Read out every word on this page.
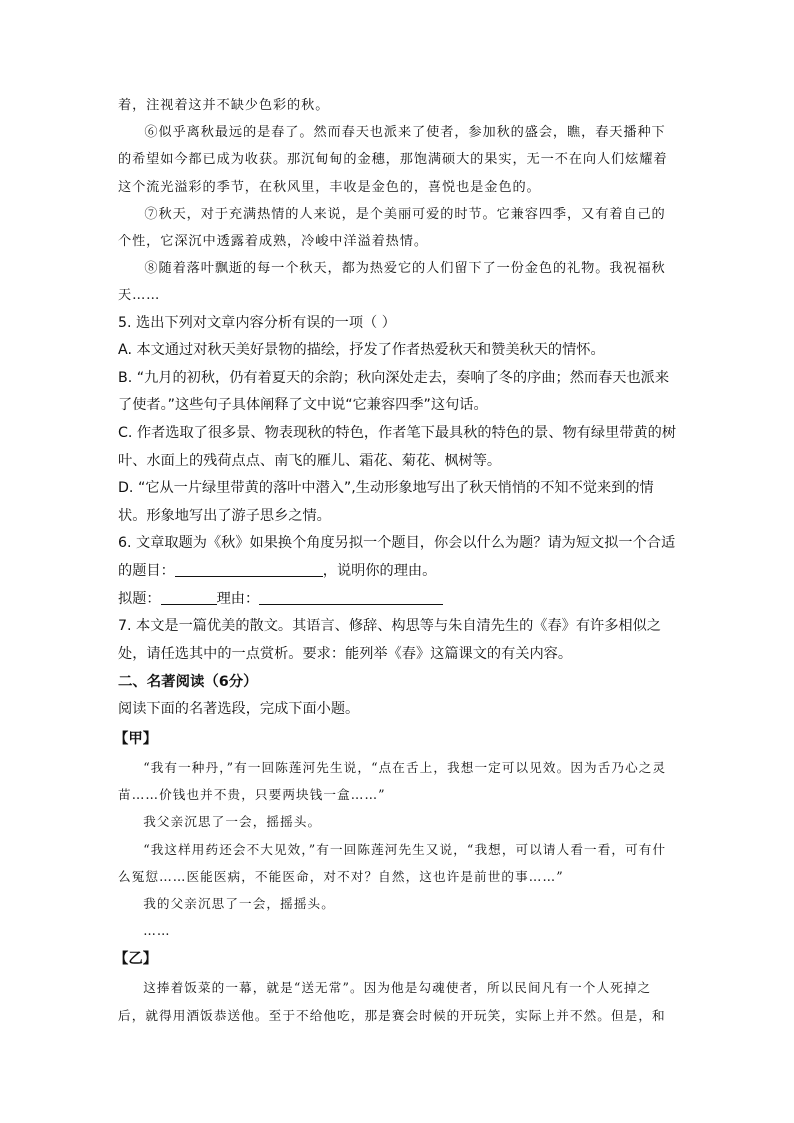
着，注视着这并不缺少色彩的秋。

⑥似乎离秋最远的是春了。然而春天也派来了使者，参加秋的盛会，瞧，春天播种下的希望如今都已成为收获。那沉甸甸的金穗，那饱满硕大的果实，无一不在向人们炫耀着这个流光溢彩的季节，在秋风里，丰收是金色的，喜悦也是金色的。

⑦秋天，对于充满热情的人来说，是个美丽可爱的时节。它兼容四季，又有着自己的个性，它深沉中透露着成熟，冷峻中洋溢着热情。

⑧随着落叶飘逝的每一个秋天，都为热爱它的人们留下了一份金色的礼物。我祝福秋天……

5. 选出下列对文章内容分析有误的一项（ ）

A. 本文通过对秋天美好景物的描绘，抒发了作者热爱秋天和赞美秋天的情怀。

B. “九月的初秋，仍有着夏天的余韵；秋向深处走去，奏响了冬的序曲；然而春天也派来了使者。”这些句子具体阐释了文中说“它兼容四季”这句话。

C. 作者选取了很多景、物表现秋的特色，作者笔下最具秋的特色的景、物有绿里带黄的树叶、水面上的残荷点点、南飞的雁儿、霜花、菊花、枫树等。

D. “它从一片绿里带黄的落叶中潜入”,生动形象地写出了秋天悄悄的不知不觉来到的情状。形象地写出了游子思乡之情。

6. 文章取题为《秋》如果换个角度另拟一个题目，你会以什么为题？请为短文拟一个合适的题目：	，说明你的理由。

拟题：	理由：

7. 本文是一篇优美的散文。其语言、修辞、构思等与朱自清先生的《春》有许多相似之处，请任选其中的一点赏析。要求：能列举《春》这篇课文的有关内容。

二、名著阅读（6分）

阅读下面的名著选段，完成下面小题。

【甲】

“我有一种丹，”有一回陈莲河先生说，“点在舌上，我想一定可以见效。因为舌乃心之灵苗……价钱也并不贵，只要两块钱一盒……”

我父亲沉思了一会，摇摇头。

“我这样用药还会不大见效，”有一回陈莲河先生又说，“我想，可以请人看一看，可有什么冤愆……医能医病，不能医命，对不对？自然，这也许是前世的事……”

我的父亲沉思了一会，摇摇头。

……

【乙】

这捧着饭菜的一幕，就是“送无常”。因为他是勾魂使者，所以民间凡有一个人死掉之后，就得用酒饭恭送他。至于不给他吃，那是赛会时候的开玩笑，实际上并不然。但是，和
